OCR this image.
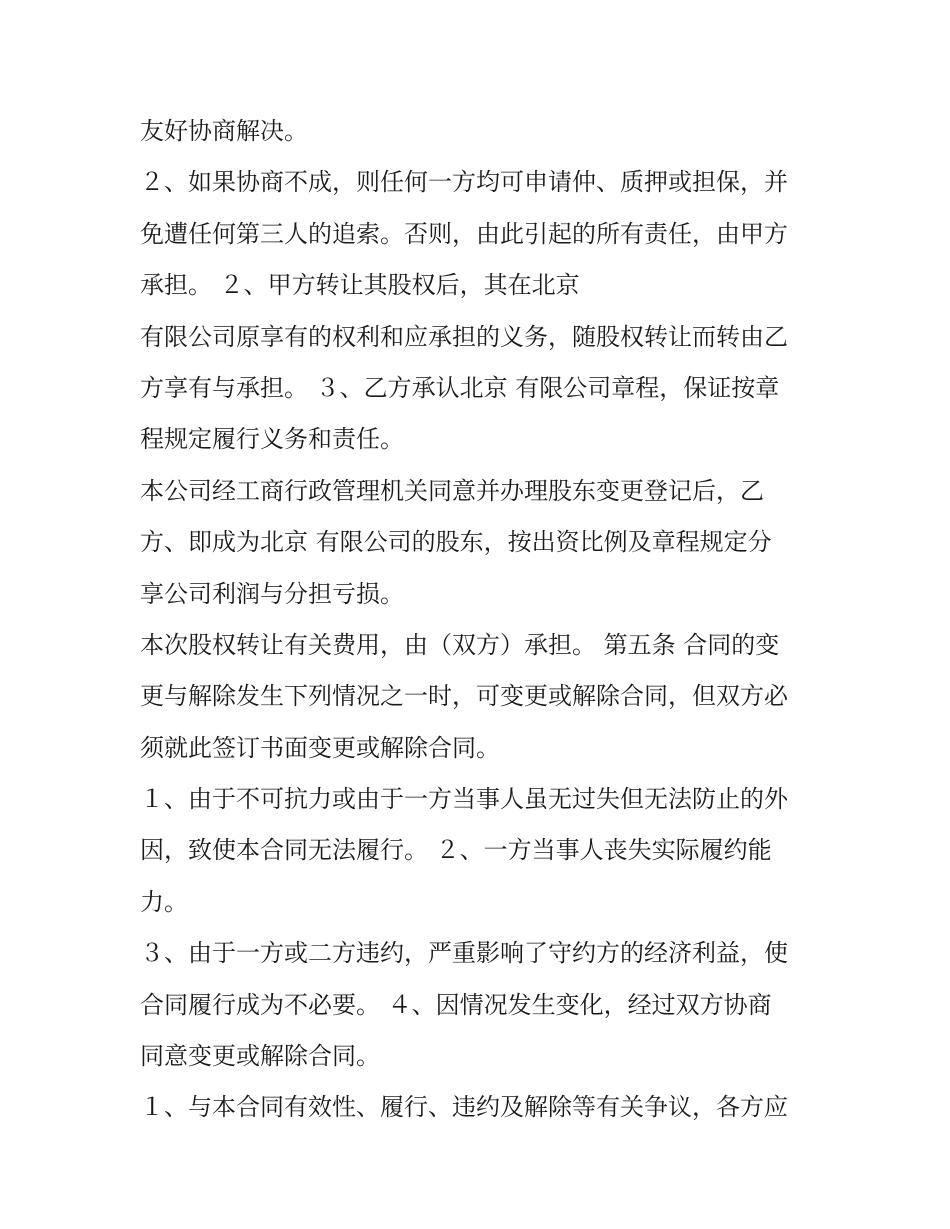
友好协商解决。
２、如果协商不成，则任何一方均可申请仲、质押或担保，并
免遭任何第三人的追索。否则，由此引起的所有责任，由甲方
承担。 ２、甲方转让其股权后，其在北京
有限公司原享有的权利和应承担的义务，随股权转让而转由乙
方享有与承担。 ３、乙方承认北京 有限公司章程，保证按章
程规定履行义务和责任。
本公司经工商行政管理机关同意并办理股东变更登记后，乙
方、即成为北京 有限公司的股东，按出资比例及章程规定分
享公司利润与分担亏损。
本次股权转让有关费用，由（双方）承担。 第五条 合同的变
更与解除发生下列情况之一时，可变更或解除合同，但双方必
须就此签订书面变更或解除合同。
１、由于不可抗力或由于一方当事人虽无过失但无法防止的外
因，致使本合同无法履行。 ２、一方当事人丧失实际履约能
力。
３、由于一方或二方违约，严重影响了守约方的经济利益，使
合同履行成为不必要。 ４、因情况发生变化，经过双方协商
同意变更或解除合同。
１、与本合同有效性、履行、违约及解除等有关争议，各方应
